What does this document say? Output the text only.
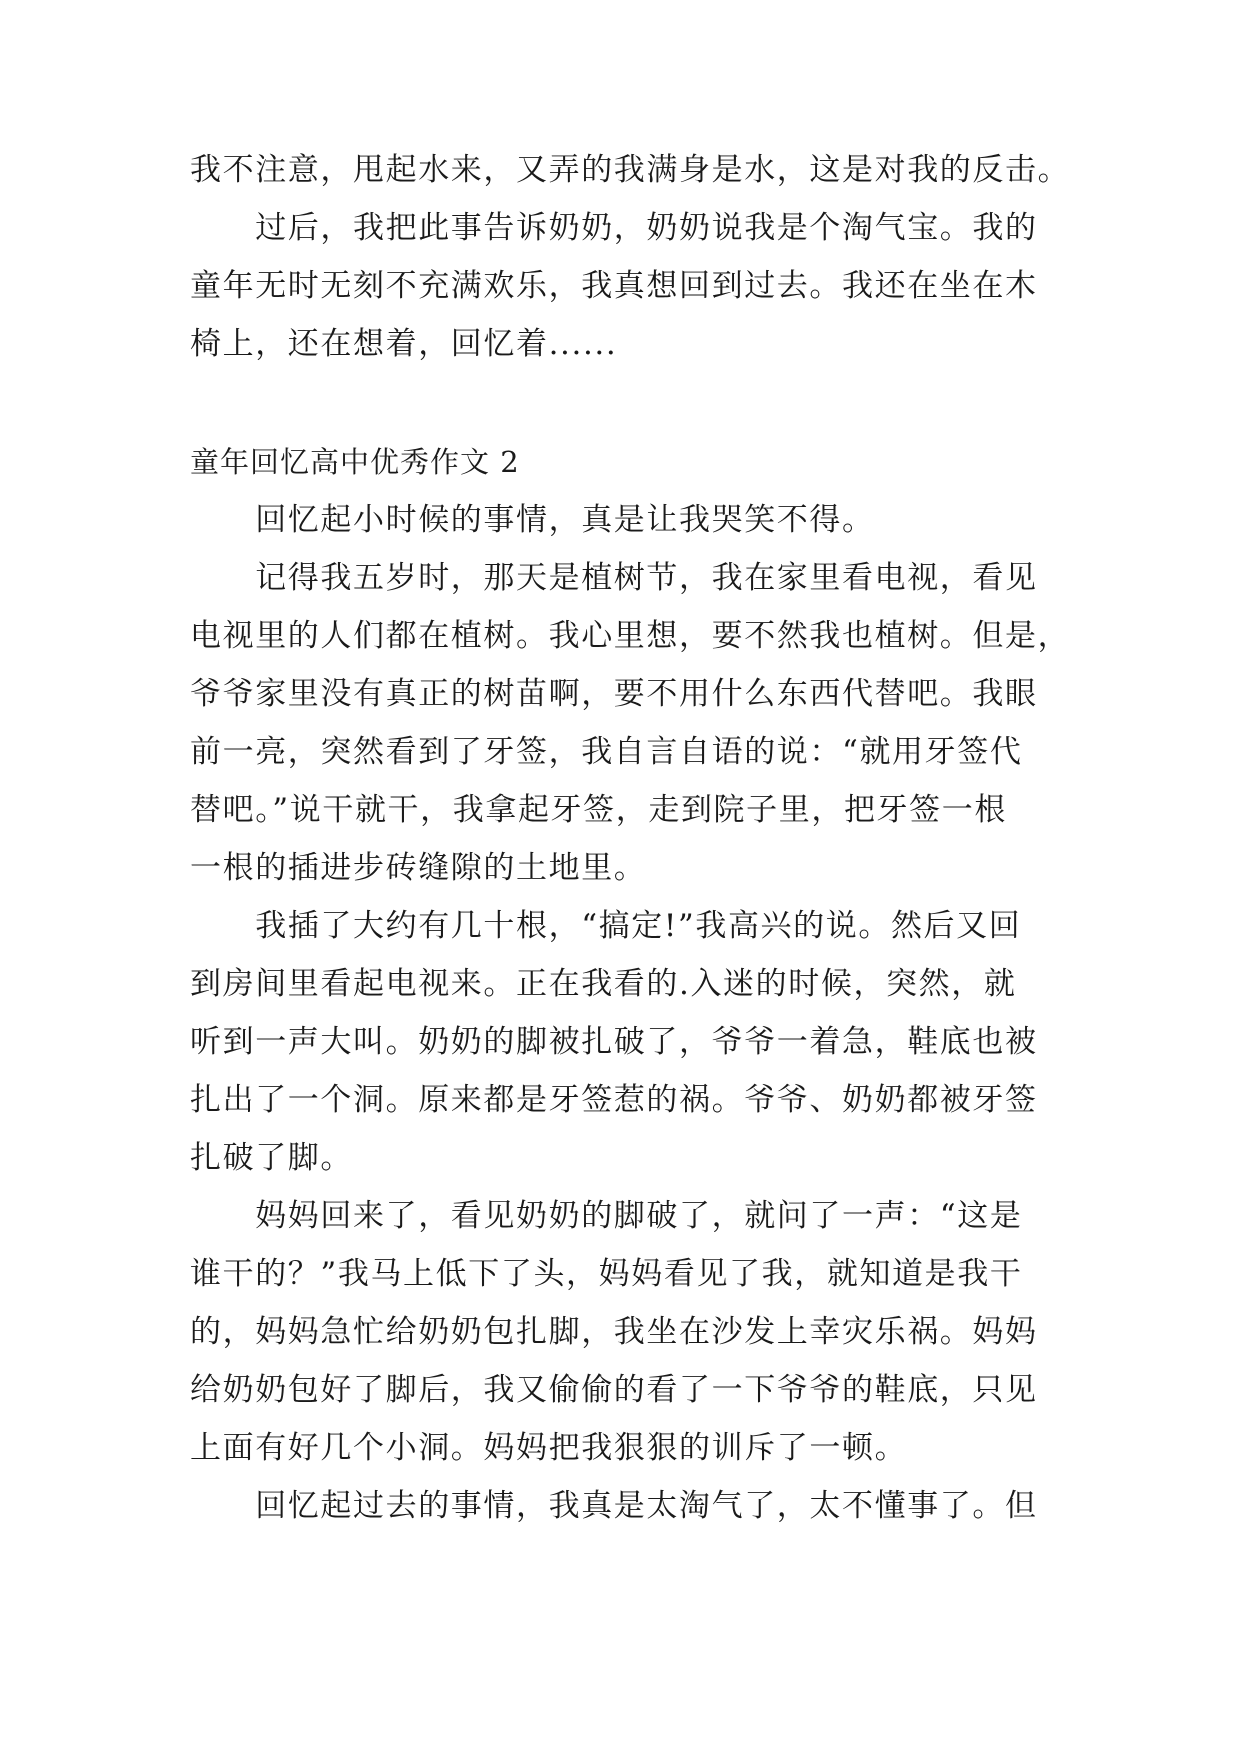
我不注意，甩起水来，又弄的我满身是水，这是对我的反击。
　　过后，我把此事告诉奶奶，奶奶说我是个淘气宝。我的
童年无时无刻不充满欢乐，我真想回到过去。我还在坐在木
椅上，还在想着，回忆着......
童年回忆高中优秀作文 2
　　回忆起小时候的事情，真是让我哭笑不得。
　　记得我五岁时，那天是植树节，我在家里看电视，看见
电视里的人们都在植树。我心里想，要不然我也植树。但是，
爷爷家里没有真正的树苗啊，要不用什么东西代替吧。我眼
前一亮，突然看到了牙签，我自言自语的说：“就用牙签代
替吧。”说干就干，我拿起牙签，走到院子里，把牙签一根
一根的插进步砖缝隙的土地里。
　　我插了大约有几十根，“搞定!”我高兴的说。然后又回
到房间里看起电视来。正在我看的.入迷的时候，突然，就
听到一声大叫。奶奶的脚被扎破了，爷爷一着急，鞋底也被
扎出了一个洞。原来都是牙签惹的祸。爷爷、奶奶都被牙签
扎破了脚。
　　妈妈回来了，看见奶奶的脚破了，就问了一声：“这是
谁干的？”我马上低下了头，妈妈看见了我，就知道是我干
的，妈妈急忙给奶奶包扎脚，我坐在沙发上幸灾乐祸。妈妈
给奶奶包好了脚后，我又偷偷的看了一下爷爷的鞋底，只见
上面有好几个小洞。妈妈把我狠狠的训斥了一顿。
　　回忆起过去的事情，我真是太淘气了，太不懂事了。但
